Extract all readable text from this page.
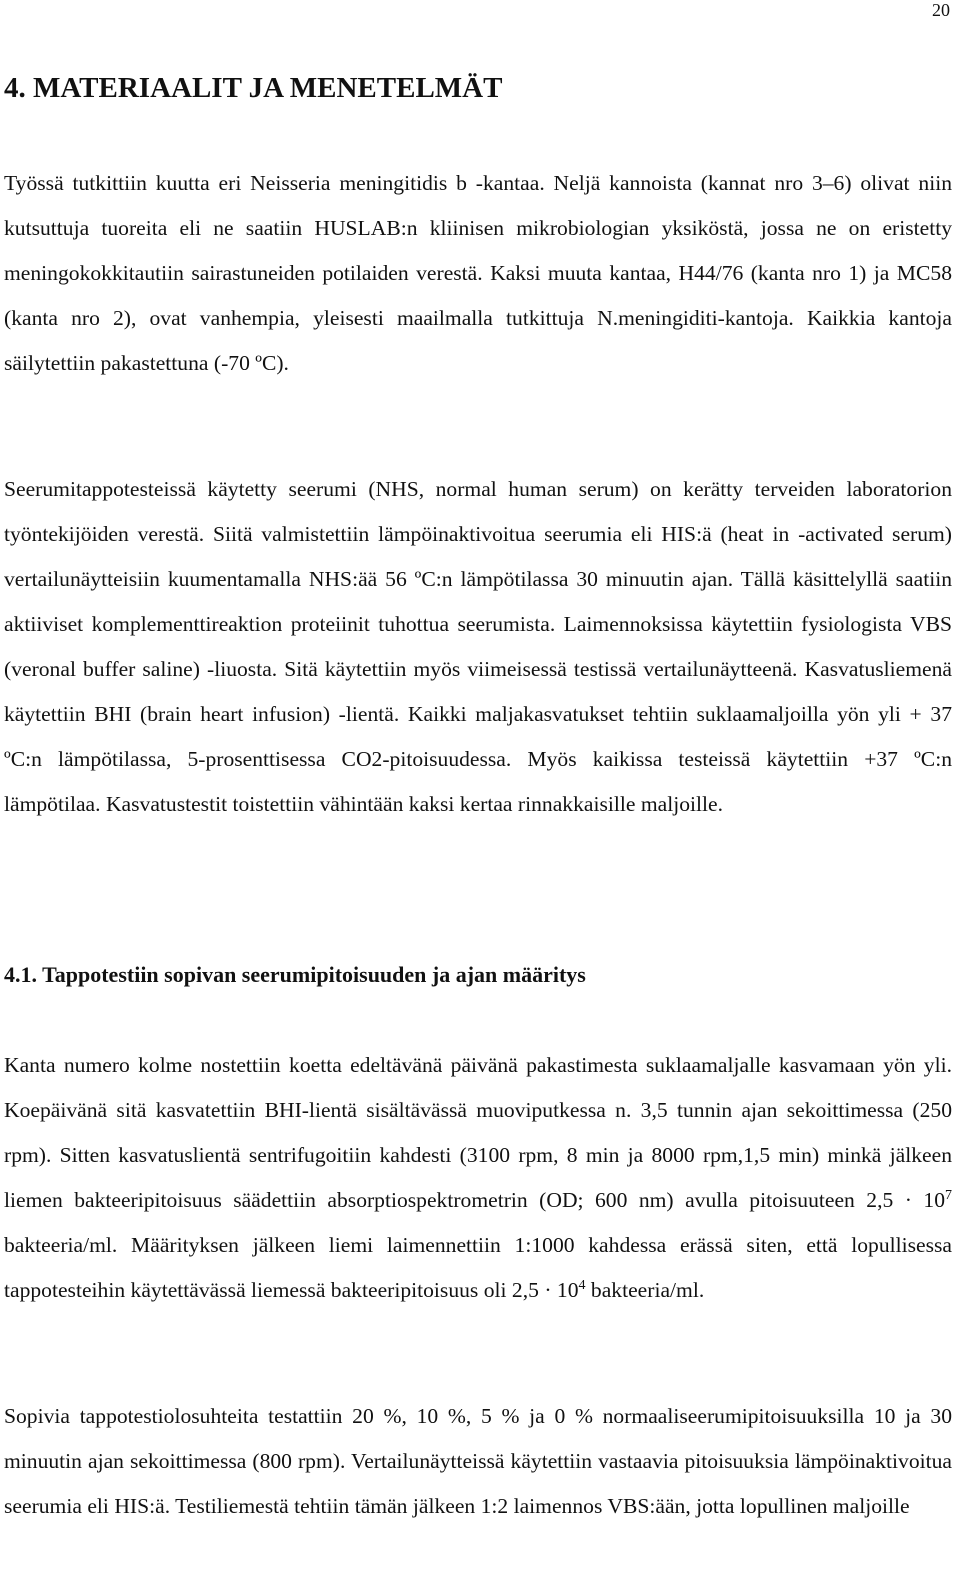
20
4. MATERIAALIT JA MENETELMÄT

Työssä tutkittiin kuutta eri Neisseria meningitidis b -kantaa. Neljä kannoista (kannat nro 3–6) olivat niin kutsuttuja tuoreita eli ne saatiin HUSLAB:n kliinisen mikrobiologian yksiköstä, jossa ne on eristetty meningokokkitautiin sairastuneiden potilaiden verestä. Kaksi muuta kantaa, H44/76 (kanta nro 1) ja MC58 (kanta nro 2), ovat vanhempia, yleisesti maailmalla tutkittuja N.meningiditi-kantoja. Kaikkia kantoja säilytettiin pakastettuna (-70 ºC).

Seerumitappotesteissä käytetty seerumi (NHS, normal human serum) on kerätty terveiden laboratorion työntekijöiden verestä. Siitä valmistettiin lämpöinaktivoitua seerumia eli HIS:ä (heat in -activated serum) vertailunäytteisiin kuumentamalla NHS:ää 56 ºC:n lämpötilassa 30 minuutin ajan. Tällä käsittelyllä saatiin aktiiviset komplementtireaktion proteiinit tuhottua seerumista. Laimennoksissa käytettiin fysiologista VBS (veronal buffer saline) -liuosta. Sitä käytettiin myös viimeisessä testissä vertailunäytteenä. Kasvatusliemenä käytettiin BHI (brain heart infusion) -lientä. Kaikki maljakasvatukset tehtiin suklaamaljoilla yön yli + 37 ºC:n lämpötilassa, 5-prosenttisessa CO2-pitoisuudessa. Myös kaikissa testeissä käytettiin +37 ºC:n lämpötilaa. Kasvatustestit toistettiin vähintään kaksi kertaa rinnakkaisille maljoille.

4.1. Tappotestiin sopivan seerumipitoisuuden ja ajan määritys

Kanta numero kolme nostettiin koetta edeltävänä päivänä pakastimesta suklaamaljalle kasvamaan yön yli. Koepäivänä sitä kasvatettiin BHI-lientä sisältävässä muoviputkessa n. 3,5 tunnin ajan sekoittimessa (250 rpm). Sitten kasvatuslientä sentrifugoitiin kahdesti (3100 rpm, 8 min ja 8000 rpm,1,5 min) minkä jälkeen liemen bakteeripitoisuus säädettiin absorptiospektrometrin (OD; 600 nm) avulla pitoisuuteen $2,5 \cdot 10^7$ bakteeria/ml. Määrityksen jälkeen liemi laimennettiin 1:1000 kahdessa erässä siten, että lopullisessa tappotesteihin käytettävässä liemessä bakteeripitoisuus oli $2,5 \cdot 10^4$ bakteeria/ml.

Sopivia tappotestiolosuhteita testattiin 20 %, 10 %, 5 % ja 0 % normaaliseerumipitoisuuksilla 10 ja 30 minuutin ajan sekoittimessa (800 rpm). Vertailunäytteissä käytettiin vastaavia pitoisuuksia lämpöinaktivoitua seerumia eli HIS:ä. Testiliemestä tehtiin tämän jälkeen 1:2 laimennos VBS:ään, jotta lopullinen maljoille
